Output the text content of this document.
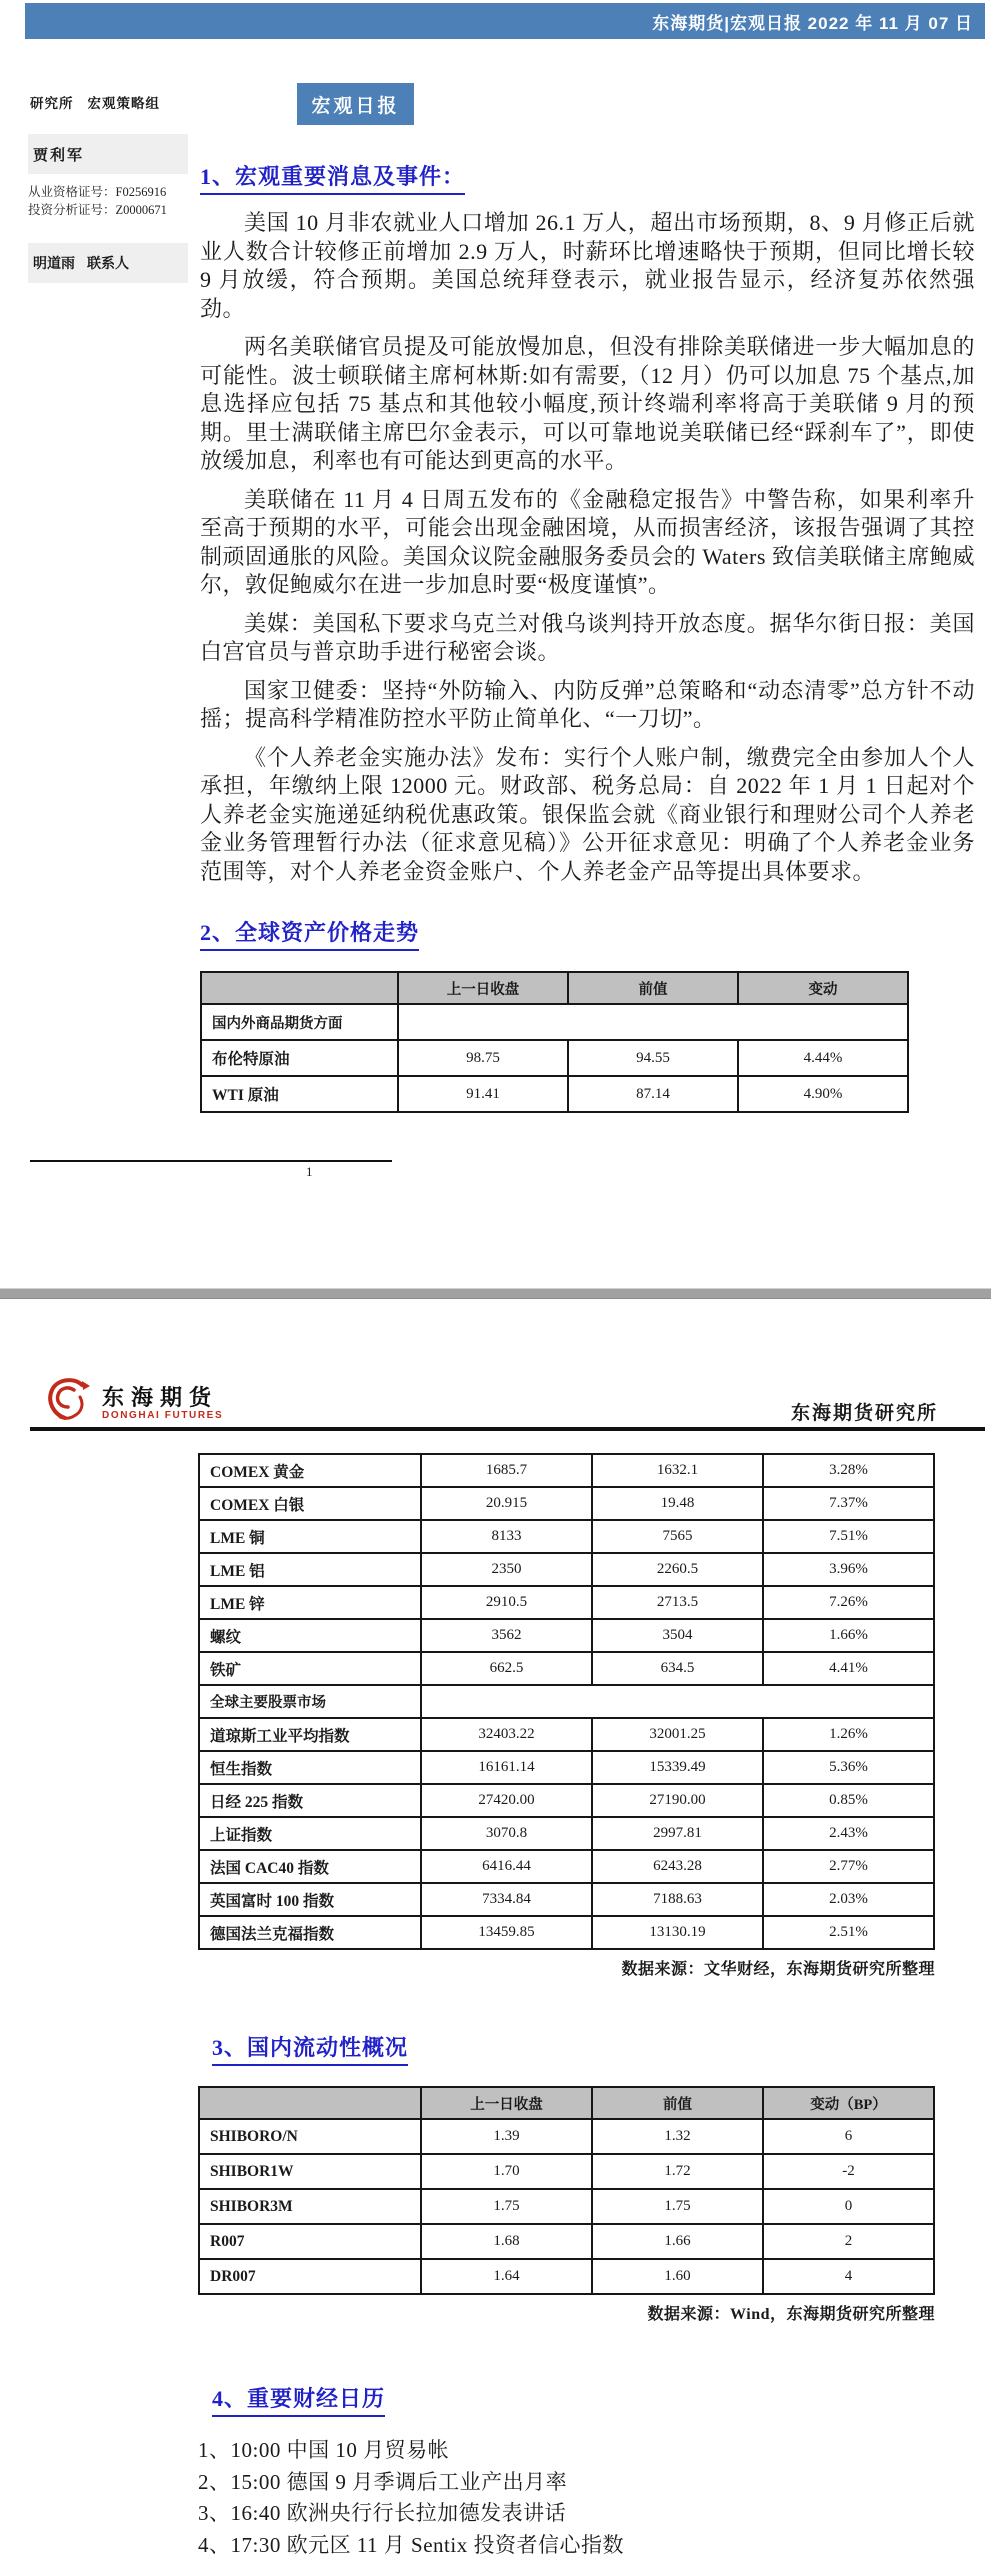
东海期货|宏观日报 2022 年 11 月 07 日
研究所 宏观策略组
贾利军
从业资格证号：F0256916
投资分析证号：Z0000671
明道雨 联系人
宏观日报
1、宏观重要消息及事件：

美国 10 月非农就业人口增加 26.1 万人，超出市场预期，8、9 月修正后就业人数合计较修正前增加 2.9 万人，时薪环比增速略快于预期，但同比增长较 9 月放缓，符合预期。美国总统拜登表示，就业报告显示，经济复苏依然强劲。

两名美联储官员提及可能放慢加息，但没有排除美联储进一步大幅加息的可能性。波士顿联储主席柯林斯:如有需要,（12 月）仍可以加息 75 个基点,加息选择应包括 75 基点和其他较小幅度,预计终端利率将高于美联储 9 月的预期。里士满联储主席巴尔金表示，可以可靠地说美联储已经“踩刹车了”，即使放缓加息，利率也有可能达到更高的水平。

美联储在 11 月 4 日周五发布的《金融稳定报告》中警告称，如果利率升至高于预期的水平，可能会出现金融困境，从而损害经济，该报告强调了其控制顽固通胀的风险。美国众议院金融服务委员会的 Waters 致信美联储主席鲍威尔，敦促鲍威尔在进一步加息时要“极度谨慎”。

美媒：美国私下要求乌克兰对俄乌谈判持开放态度。据华尔街日报：美国白宫官员与普京助手进行秘密会谈。

国家卫健委：坚持“外防输入、内防反弹”总策略和“动态清零”总方针不动摇；提高科学精准防控水平防止简单化、“一刀切”。

《个人养老金实施办法》发布：实行个人账户制，缴费完全由参加人个人承担，年缴纳上限 12000 元。财政部、税务总局：自 2022 年 1 月 1 日起对个人养老金实施递延纳税优惠政策。银保监会就《商业银行和理财公司个人养老金业务管理暂行办法（征求意见稿）》公开征求意见：明确了个人养老金业务范围等，对个人养老金资金账户、个人养老金产品等提出具体要求。

2、全球资产价格走势
	上一日收盘	前值	变动
国内外商品期货方面			
布伦特原油	98.75	94.55	4.44%
WTI 原油	91.41	87.14	4.90%
1
东海期货
DONGHAI FUTURES	东海期货研究所
COMEX 黄金	1685.7	1632.1	3.28%
COMEX 白银	20.915	19.48	7.37%
LME 铜	8133	7565	7.51%
LME 铝	2350	2260.5	3.96%
LME 锌	2910.5	2713.5	7.26%
螺纹	3562	3504	1.66%
铁矿	662.5	634.5	4.41%
全球主要股票市场			
道琼斯工业平均指数	32403.22	32001.25	1.26%
恒生指数	16161.14	15339.49	5.36%
日经 225 指数	27420.00	27190.00	0.85%
上证指数	3070.8	2997.81	2.43%
法国 CAC40 指数	6416.44	6243.28	2.77%
英国富时 100 指数	7334.84	7188.63	2.03%
德国法兰克福指数	13459.85	13130.19	2.51%
数据来源：文华财经，东海期货研究所整理
3、国内流动性概况
	上一日收盘	前值	变动（BP）
SHIBORO/N	1.39	1.32	6
SHIBOR1W	1.70	1.72	-2
SHIBOR3M	1.75	1.75	0
R007	1.68	1.66	2
DR007	1.64	1.60	4
数据来源：Wind，东海期货研究所整理
4、重要财经日历
1、10:00 中国 10 月贸易帐
2、15:00 德国 9 月季调后工业产出月率
3、16:40 欧洲央行行长拉加德发表讲话
4、17:30 欧元区 11 月 Sentix 投资者信心指数
